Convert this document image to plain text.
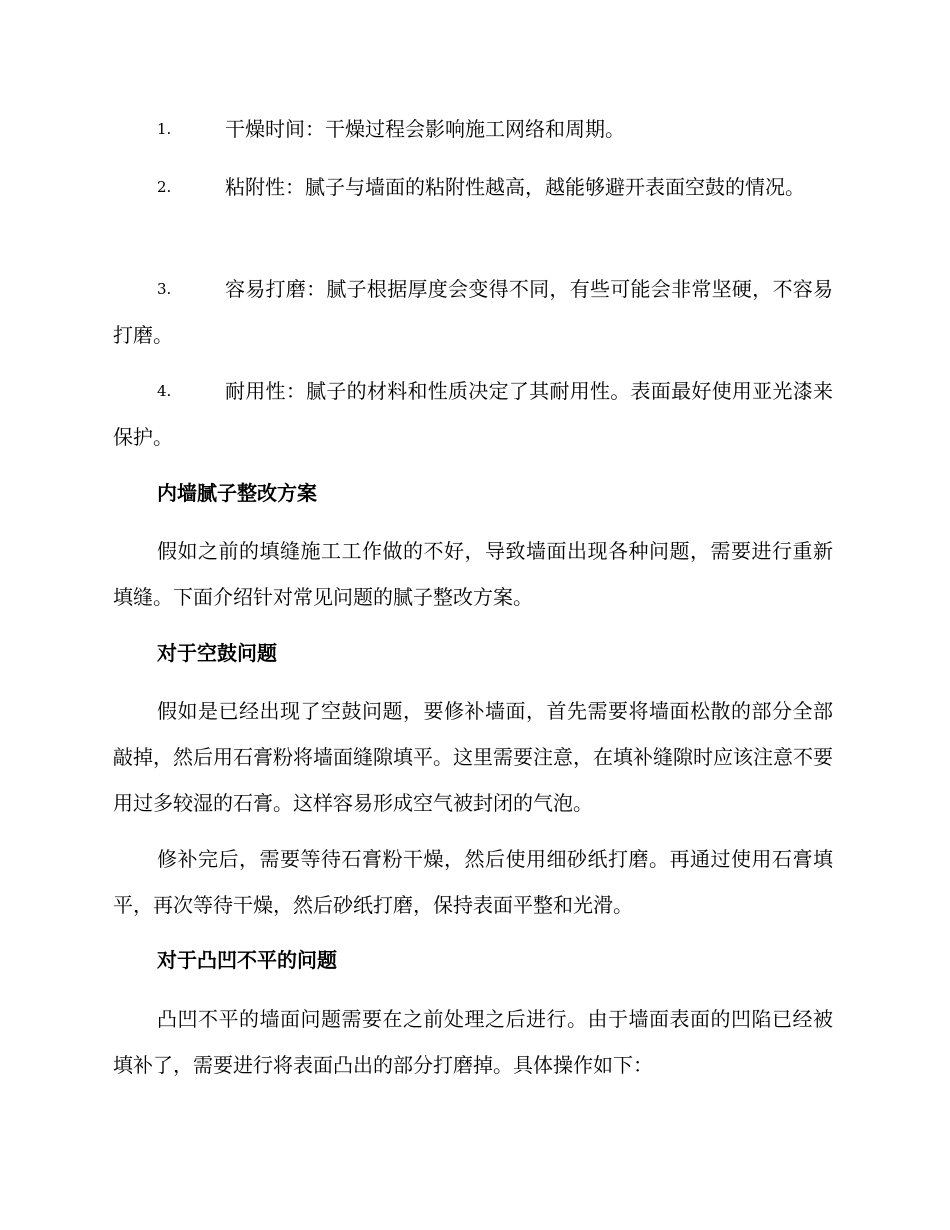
1.	干燥时间：干燥过程会影响施工网络和周期。
2.	粘附性：腻子与墙面的粘附性越高，越能够避开表面空鼓的情况。
3.	容易打磨：腻子根据厚度会变得不同，有些可能会非常坚硬，不容易打磨。
4.	耐用性：腻子的材料和性质决定了其耐用性。表面最好使用亚光漆来保护。
内墙腻子整改方案
假如之前的填缝施工工作做的不好，导致墙面出现各种问题，需要进行重新填缝。下面介绍针对常见问题的腻子整改方案。
对于空鼓问题
假如是已经出现了空鼓问题，要修补墙面，首先需要将墙面松散的部分全部敲掉，然后用石膏粉将墙面缝隙填平。这里需要注意，在填补缝隙时应该注意不要用过多较湿的石膏。这样容易形成空气被封闭的气泡。
修补完后，需要等待石膏粉干燥，然后使用细砂纸打磨。再通过使用石膏填平，再次等待干燥，然后砂纸打磨，保持表面平整和光滑。
对于凸凹不平的问题
凸凹不平的墙面问题需要在之前处理之后进行。由于墙面表面的凹陷已经被填补了，需要进行将表面凸出的部分打磨掉。具体操作如下：
